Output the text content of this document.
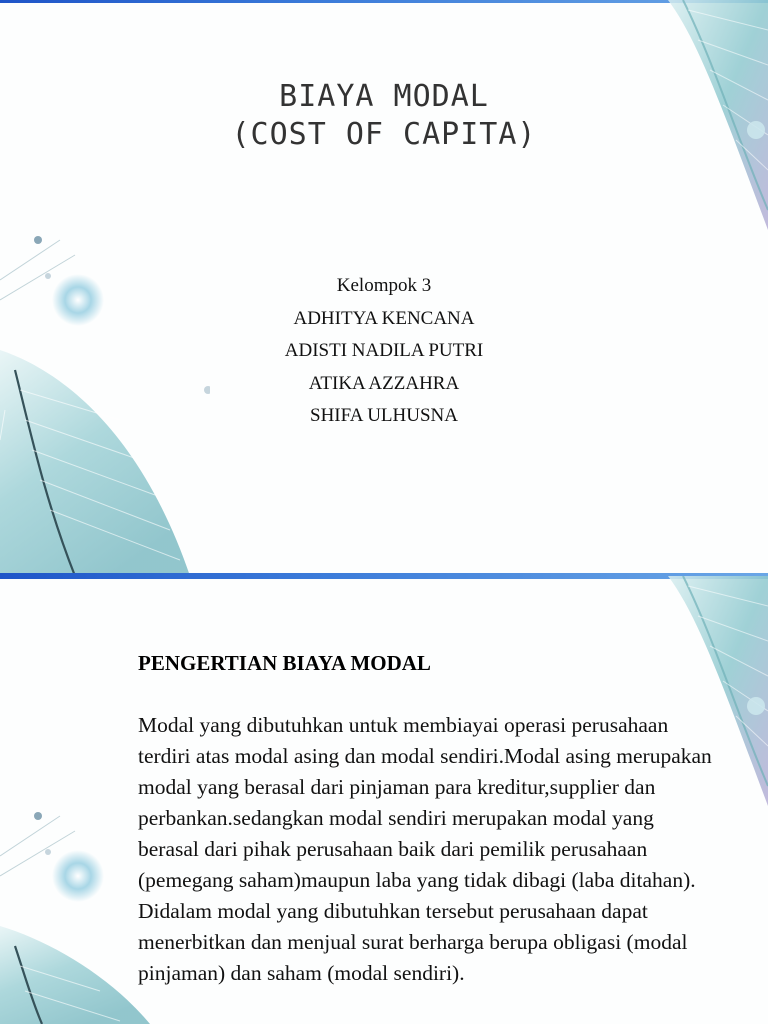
BIAYA MODAL
(COST OF CAPITA)
Kelompok 3
ADHITYA KENCANA
ADISTI NADILA PUTRI
ATIKA AZZAHRA
SHIFA ULHUSNA
PENGERTIAN BIAYA MODAL

Modal yang dibutuhkan untuk membiayai operasi perusahaan terdiri atas modal asing dan modal sendiri.Modal asing merupakan modal yang berasal dari pinjaman para kreditur,supplier dan perbankan.sedangkan modal sendiri merupakan modal yang berasal dari pihak perusahaan baik dari pemilik perusahaan (pemegang saham)maupun laba yang tidak dibagi (laba ditahan). Didalam modal yang dibutuhkan tersebut perusahaan dapat menerbitkan dan menjual surat berharga berupa obligasi (modal pinjaman) dan saham (modal sendiri).
